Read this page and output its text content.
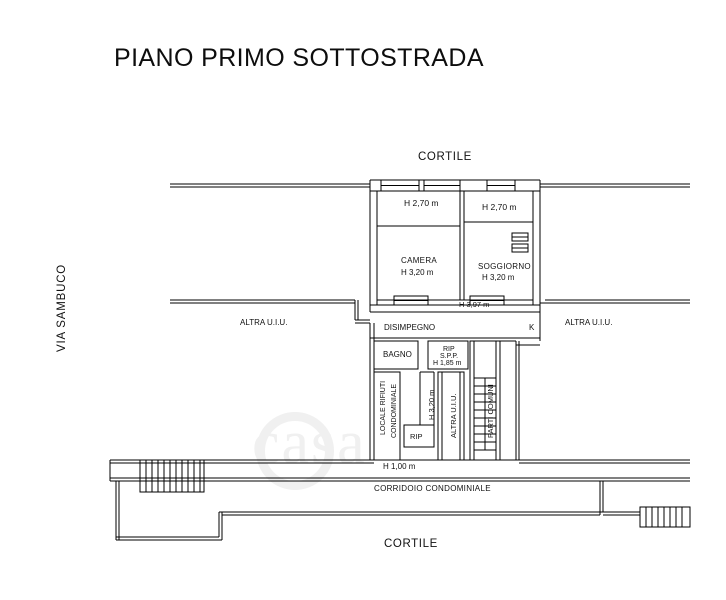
casa
PIANO PRIMO SOTTOSTRADA
CORTILE
CORTILE
VIA SAMBUCO
H 2,70 m	H 2,70 m
CAMERA
H 3,20 m
SOGGIORNO
H 3,20 m
H 3,97 m
ALTRA U.I.U.	ALTRA U.I.U.
DISIMPEGNO	K
BAGNO
RIP
S.P.P.
H 1,85 m
LOCALE RIFIUTI CONDOMINIALE	H 3,20 m
RIP
H 1,00 m
ALTRA U.I.U.	PARTI COMUNI
CORRIDOIO CONDOMINIALE
